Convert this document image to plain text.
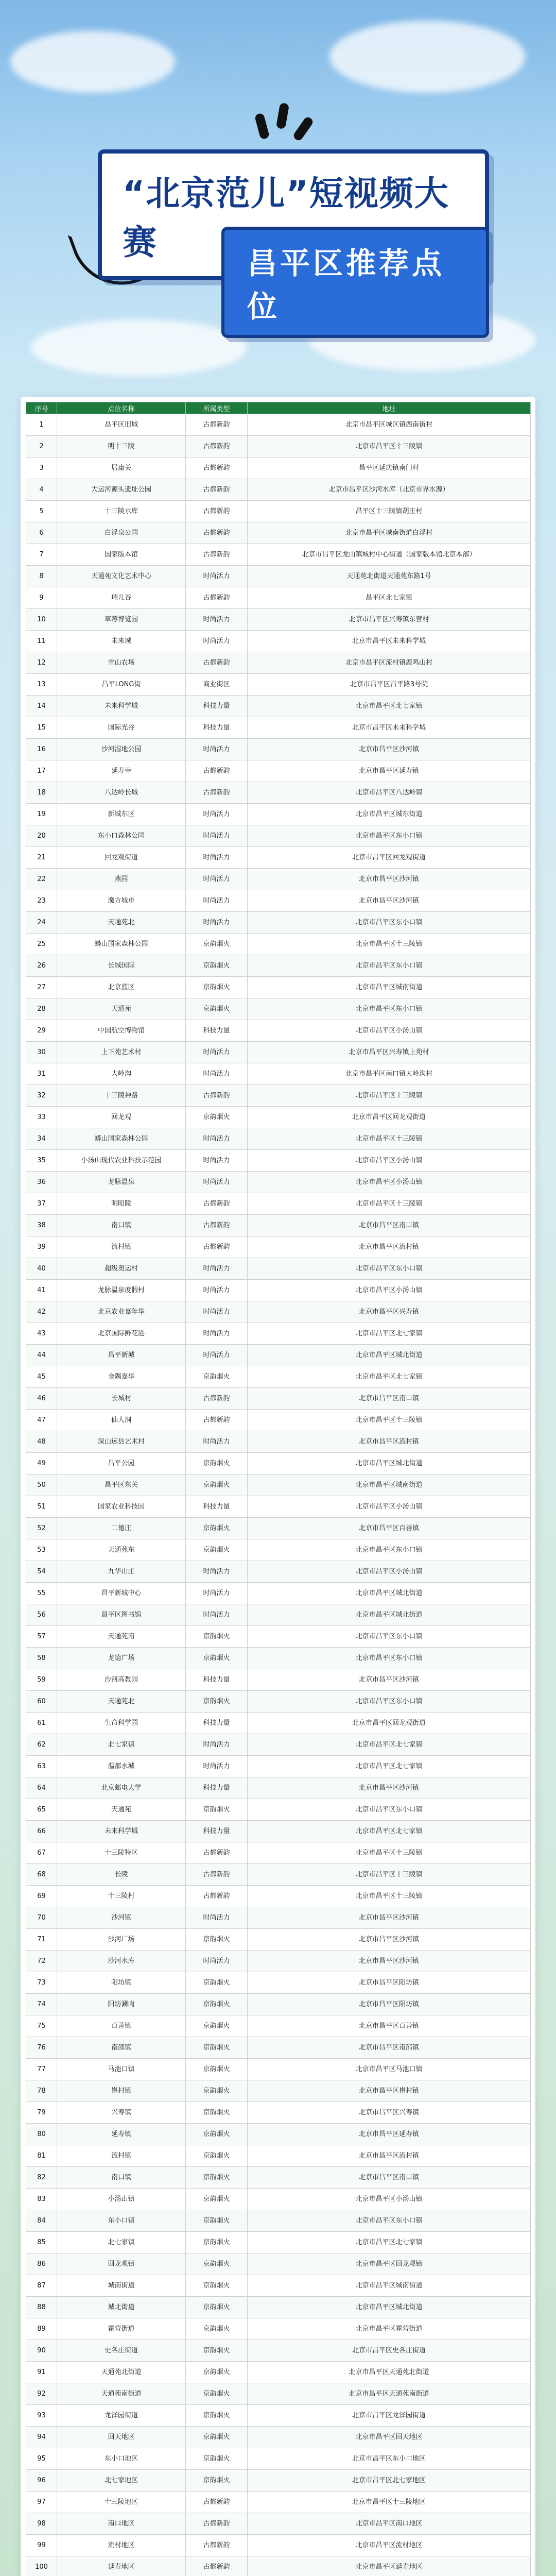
“北京范儿”短视频大赛
昌平区推荐点位
序号	点位名称	所属类型	地址
1	昌平区旧城	古都新韵	北京市昌平区城区镇西南街村
2	明十三陵	古都新韵	北京市昌平区十三陵镇
3	居庸关	古都新韵	昌平区延庆镇南门村
4	大运河源头遗址公园	古都新韵	北京市昌平区沙河水库（北京市界水源）
5	十三陵水库	古都新韵	昌平区十三陵镇胡庄村
6	白浮泉公园	古都新韵	北京市昌平区城南街道白浮村
7	国家版本馆	古都新韵	北京市昌平区龙山镇城村中心街道（国家版本馆北京本部）
8	天通苑文化艺术中心	时尚活力	天通苑北街道天通苑东路1号
9	瑞儿谷	古都新韵	昌平区北七家镇
10	草莓博览园	时尚活力	北京市昌平区兴寿镇东营村
11	未来城	时尚活力	北京市昌平区未来科学城
12	雪山农场	古都新韵	北京市昌平区流村镇鹿鸣山村
13	昌平LONG街	商业街区	北京市昌平区昌平路3号院
14	未来科学城	科技力量	北京市昌平区北七家镇
15	国际光谷	科技力量	北京市昌平区未来科学城
16	沙河湿地公园	时尚活力	北京市昌平区沙河镇
17	延寿寺	古都新韵	北京市昌平区延寿镇
18	八达岭长城	古都新韵	北京市昌平区八达岭镇
19	新城东区	时尚活力	北京市昌平区城东街道
20	东小口森林公园	时尚活力	北京市昌平区东小口镇
21	回龙观街道	时尚活力	北京市昌平区回龙观街道
22	燕园	时尚活力	北京市昌平区沙河镇
23	魔方城市	时尚活力	北京市昌平区沙河镇
24	天通苑北	时尚活力	北京市昌平区东小口镇
25	蟒山国家森林公园	京韵烟火	北京市昌平区十三陵镇
26	长城国际	京韵烟火	北京市昌平区东小口镇
27	北京蓝区	京韵烟火	北京市昌平区城南街道
28	天通苑	京韵烟火	北京市昌平区东小口镇
29	中国航空博物馆	科技力量	北京市昌平区小汤山镇
30	上下苑艺术村	时尚活力	北京市昌平区兴寿镇上苑村
31	大岭沟	时尚活力	北京市昌平区南口镇大岭沟村
32	十三陵神路	古都新韵	北京市昌平区十三陵镇
33	回龙观	京韵烟火	北京市昌平区回龙观街道
34	蟒山国家森林公园	时尚活力	北京市昌平区十三陵镇
35	小汤山现代农业科技示范园	时尚活力	北京市昌平区小汤山镇
36	龙脉温泉	时尚活力	北京市昌平区小汤山镇
37	明昭陵	古都新韵	北京市昌平区十三陵镇
38	南口镇	古都新韵	北京市昌平区南口镇
39	流村镇	古都新韵	北京市昌平区流村镇
40	超级奥运村	时尚活力	北京市昌平区东小口镇
41	龙脉温泉度假村	时尚活力	北京市昌平区小汤山镇
42	北京农业嘉年华	时尚活力	北京市昌平区兴寿镇
43	北京国际鲜花港	时尚活力	北京市昌平区北七家镇
44	昌平新城	时尚活力	北京市昌平区城北街道
45	金隅嘉华	京韵烟火	北京市昌平区北七家镇
46	长城村	古都新韵	北京市昌平区南口镇
47	仙人洞	古都新韵	北京市昌平区十三陵镇
48	深山远县艺术村	时尚活力	北京市昌平区流村镇
49	昌平公园	京韵烟火	北京市昌平区城北街道
50	昌平区东关	京韵烟火	北京市昌平区城南街道
51	国家农业科技园	科技力量	北京市昌平区小汤山镇
52	二德庄	京韵烟火	北京市昌平区百善镇
53	天通苑东	京韵烟火	北京市昌平区东小口镇
54	九华山庄	时尚活力	北京市昌平区小汤山镇
55	昌平新城中心	时尚活力	北京市昌平区城北街道
56	昌平区图书馆	时尚活力	北京市昌平区城北街道
57	天通苑南	京韵烟火	北京市昌平区东小口镇
58	龙德广场	京韵烟火	北京市昌平区东小口镇
59	沙河高教园	科技力量	北京市昌平区沙河镇
60	天通苑北	京韵烟火	北京市昌平区东小口镇
61	生命科学园	科技力量	北京市昌平区回龙观街道
62	北七家镇	时尚活力	北京市昌平区北七家镇
63	温都水城	时尚活力	北京市昌平区北七家镇
64	北京邮电大学	科技力量	北京市昌平区沙河镇
65	天通苑	京韵烟火	北京市昌平区东小口镇
66	未来科学城	科技力量	北京市昌平区北七家镇
67	十三陵特区	古都新韵	北京市昌平区十三陵镇
68	长陵	古都新韵	北京市昌平区十三陵镇
69	十三陵村	古都新韵	北京市昌平区十三陵镇
70	沙河镇	时尚活力	北京市昌平区沙河镇
71	沙河广场	京韵烟火	北京市昌平区沙河镇
72	沙河水库	时尚活力	北京市昌平区沙河镇
73	阳坊镇	京韵烟火	北京市昌平区阳坊镇
74	阳坊涮肉	京韵烟火	北京市昌平区阳坊镇
75	百善镇	京韵烟火	北京市昌平区百善镇
76	南邵镇	京韵烟火	北京市昌平区南邵镇
77	马池口镇	京韵烟火	北京市昌平区马池口镇
78	崔村镇	京韵烟火	北京市昌平区崔村镇
79	兴寿镇	京韵烟火	北京市昌平区兴寿镇
80	延寿镇	京韵烟火	北京市昌平区延寿镇
81	流村镇	京韵烟火	北京市昌平区流村镇
82	南口镇	京韵烟火	北京市昌平区南口镇
83	小汤山镇	京韵烟火	北京市昌平区小汤山镇
84	东小口镇	京韵烟火	北京市昌平区东小口镇
85	北七家镇	京韵烟火	北京市昌平区北七家镇
86	回龙观镇	京韵烟火	北京市昌平区回龙观镇
87	城南街道	京韵烟火	北京市昌平区城南街道
88	城北街道	京韵烟火	北京市昌平区城北街道
89	霍营街道	京韵烟火	北京市昌平区霍营街道
90	史各庄街道	京韵烟火	北京市昌平区史各庄街道
91	天通苑北街道	京韵烟火	北京市昌平区天通苑北街道
92	天通苑南街道	京韵烟火	北京市昌平区天通苑南街道
93	龙泽园街道	京韵烟火	北京市昌平区龙泽园街道
94	回天地区	京韵烟火	北京市昌平区回天地区
95	东小口地区	京韵烟火	北京市昌平区东小口地区
96	北七家地区	京韵烟火	北京市昌平区北七家地区
97	十三陵地区	古都新韵	北京市昌平区十三陵地区
98	南口地区	古都新韵	北京市昌平区南口地区
99	流村地区	古都新韵	北京市昌平区流村地区
100	延寿地区	古都新韵	北京市昌平区延寿地区
